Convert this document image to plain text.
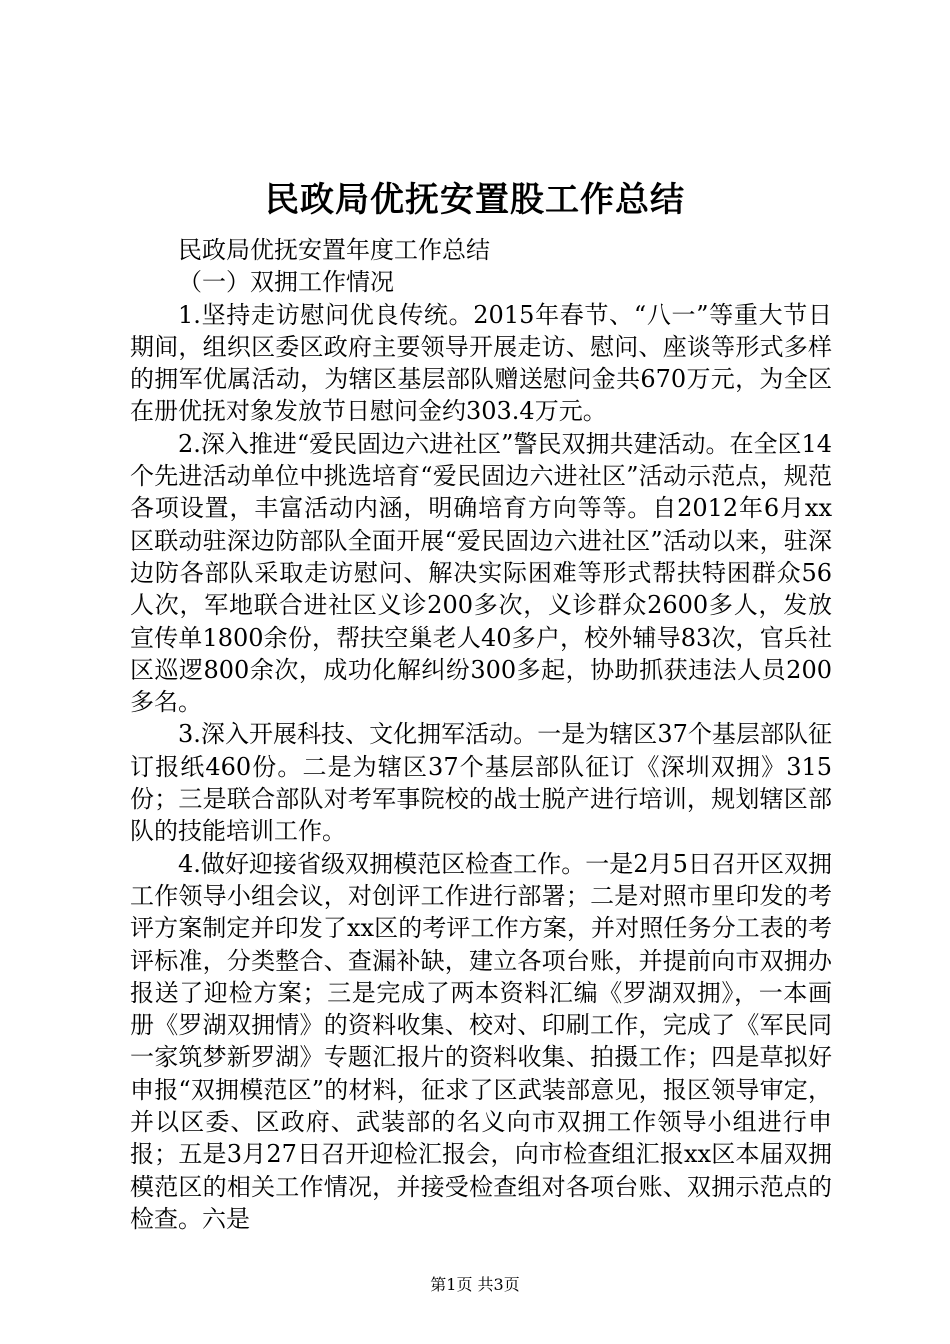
民政局优抚安置股工作总结

民政局优抚安置年度工作总结

（一）双拥工作情况

1.坚持走访慰问优良传统。2015年春节、“八一”等重大节日期间，组织区委区政府主要领导开展走访、慰问、座谈等形式多样的拥军优属活动，为辖区基层部队赠送慰问金共670万元，为全区在册优抚对象发放节日慰问金约303.4万元。

2.深入推进“爱民固边六进社区”警民双拥共建活动。在全区14个先进活动单位中挑选培育“爱民固边六进社区”活动示范点，规范各项设置，丰富活动内涵，明确培育方向等等。自2012年6月xx区联动驻深边防部队全面开展“爱民固边六进社区”活动以来，驻深边防各部队采取走访慰问、解决实际困难等形式帮扶特困群众56人次，军地联合进社区义诊200多次，义诊群众2600多人，发放宣传单1800余份，帮扶空巢老人40多户，校外辅导83次，官兵社区巡逻800余次，成功化解纠纷300多起，协助抓获违法人员200多名。

3.深入开展科技、文化拥军活动。一是为辖区37个基层部队征订报纸460份。二是为辖区37个基层部队征订《深圳双拥》315份；三是联合部队对考军事院校的战士脱产进行培训，规划辖区部队的技能培训工作。

4.做好迎接省级双拥模范区检查工作。一是2月5日召开区双拥工作领导小组会议，对创评工作进行部署；二是对照市里印发的考评方案制定并印发了xx区的考评工作方案，并对照任务分工表的考评标准，分类整合、查漏补缺，建立各项台账，并提前向市双拥办报送了迎检方案；三是完成了两本资料汇编《罗湖双拥》，一本画册《罗湖双拥情》的资料收集、校对、印刷工作，完成了《军民同一家筑梦新罗湖》专题汇报片的资料收集、拍摄工作；四是草拟好申报“双拥模范区”的材料，征求了区武装部意见，报区领导审定，并以区委、区政府、武装部的名义向市双拥工作领导小组进行申报；五是3月27日召开迎检汇报会，向市检查组汇报xx区本届双拥模范区的相关工作情况，并接受检查组对各项台账、双拥示范点的检查。六是

第1页 共3页
